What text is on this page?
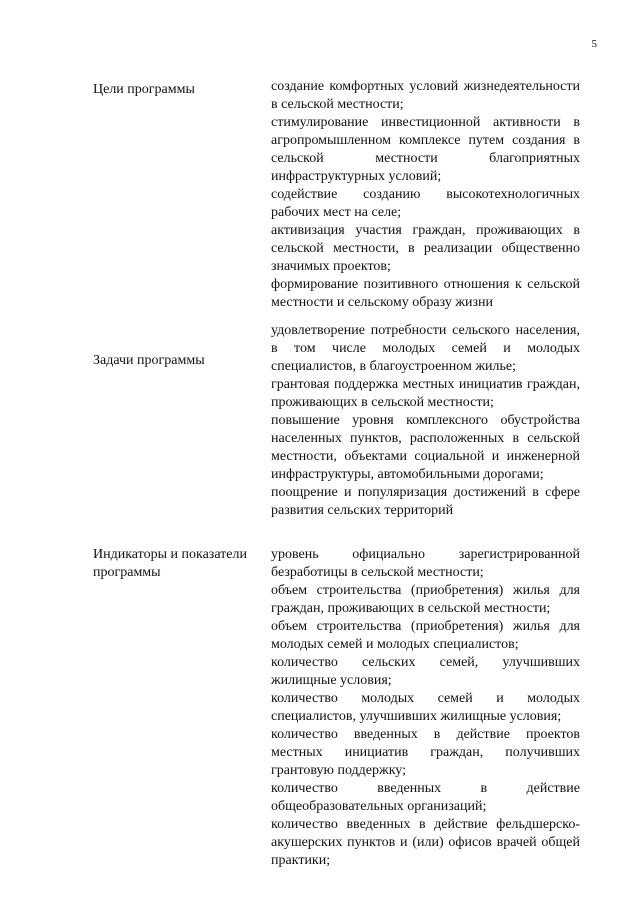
5
Цели программы	создание комфортных условий жизнедеятельности в сельской местности;

стимулирование инвестиционной активности в агропромышленном комплексе путем создания в сельской местности благоприятных инфраструктурных условий;

содействие созданию высокотехнологичных рабочих мест на селе;

активизация участия граждан, проживающих в сельской местности, в реализации общественно значимых проектов;

формирование позитивного отношения к сельской местности и сельскому образу жизни

Задачи программы

удовлетворение потребности сельского населения, в том числе молодых семей и молодых специалистов, в благоустроенном жилье;

грантовая поддержка местных инициатив граждан, проживающих в сельской местности;

повышение уровня комплексного обустройства населенных пунктов, расположенных в сельской местности, объектами социальной и инженерной инфраструктуры, автомобильными дорогами;

поощрение и популяризация достижений в сфере развития сельских территорий

Индикаторы и показатели программы

уровень официально зарегистрированной безработицы в сельской местности;

объем строительства (приобретения) жилья для граждан, проживающих в сельской местности;

объем строительства (приобретения) жилья для молодых семей и молодых специалистов;

количество сельских семей, улучшивших жилищные условия;

количество молодых семей и молодых специалистов, улучшивших жилищные условия;

количество введенных в действие проектов местных инициатив граждан, получивших грантовую поддержку;

количество введенных в действие общеобразовательных организаций;

количество введенных в действие фельдшерско-акушерских пунктов и (или) офисов врачей общей практики;
